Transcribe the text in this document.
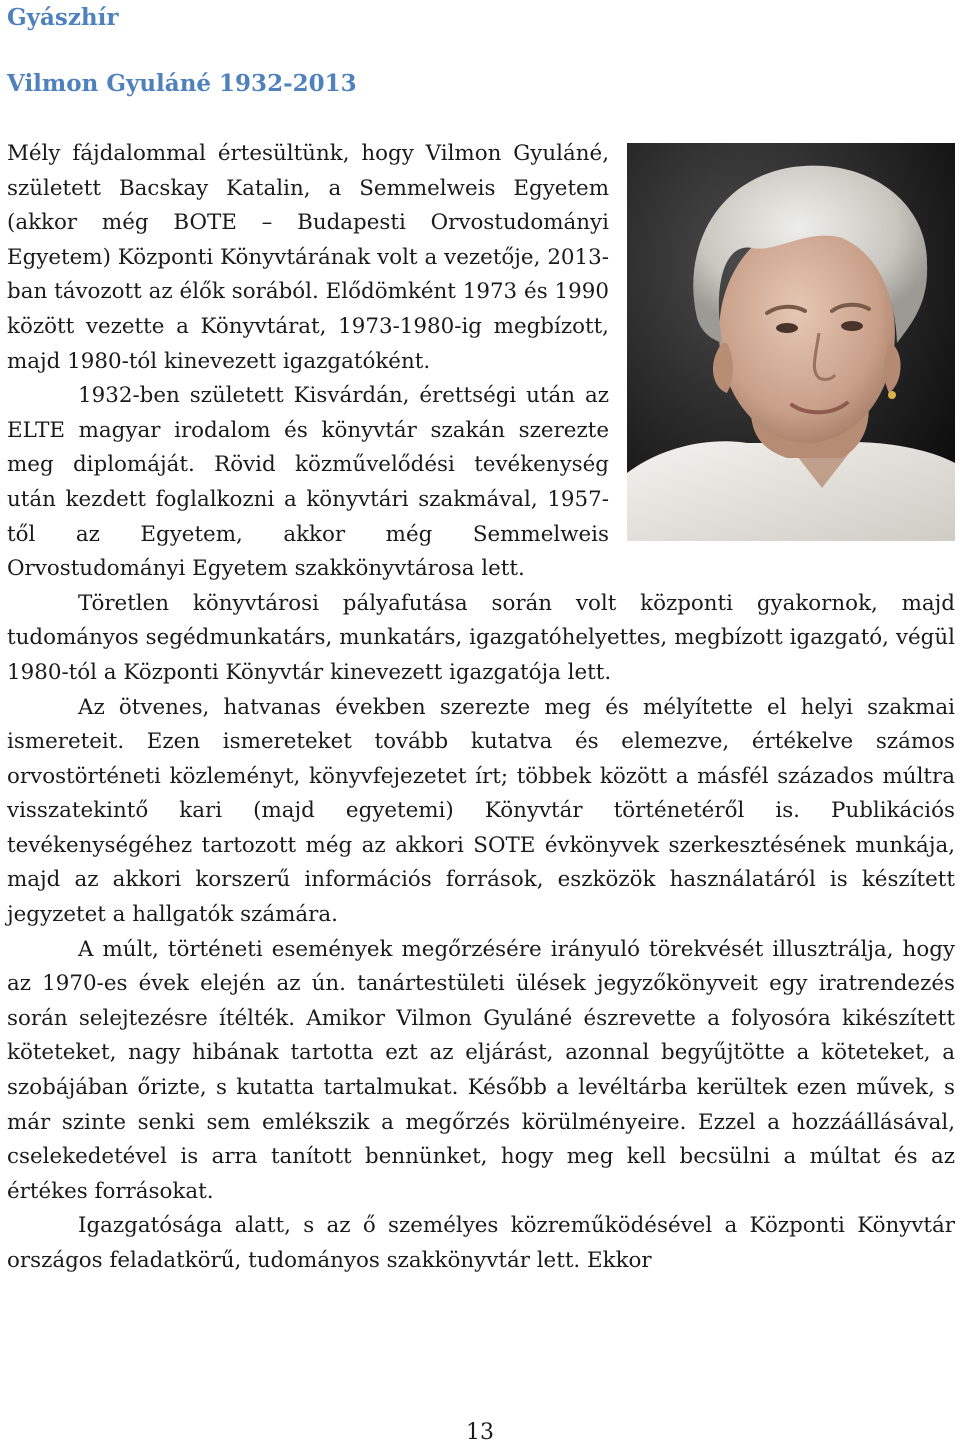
Gyászhír
Vilmon Gyuláné 1932-2013

Mély fájdalommal értesültünk, hogy Vilmon Gyuláné, született Bacskay Katalin, a Semmelweis Egyetem (akkor még BOTE – Budapesti Orvostudományi Egyetem) Központi Könyvtárának volt a vezetője, 2013-ban távozott az élők sorából. Elődömként 1973 és 1990 között vezette a Könyvtárat, 1973-1980-ig megbízott, majd 1980-tól kinevezett igazgatóként.

1932-ben született Kisvárdán, érettségi után az ELTE magyar irodalom és könyvtár szakán szerezte meg diplomáját. Rövid közművelődési tevékenység után kezdett foglalkozni a könyvtári szakmával, 1957-től az Egyetem, akkor még Semmelweis Orvostudományi Egyetem szakkönyvtárosa lett.

Töretlen könyvtárosi pályafutása során volt központi gyakornok, majd tudományos segédmunkatárs, munkatárs, igazgatóhelyettes, megbízott igazgató, végül 1980-tól a Központi Könyvtár kinevezett igazgatója lett.

Az ötvenes, hatvanas években szerezte meg és mélyítette el helyi szakmai ismereteit. Ezen ismereteket tovább kutatva és elemezve, értékelve számos orvostörténeti közleményt, könyvfejezetet írt; többek között a másfél százados múltra visszatekintő kari (majd egyetemi) Könyvtár történetéről is. Publikációs tevékenységéhez tartozott még az akkori SOTE évkönyvek szerkesztésének munkája, majd az akkori korszerű információs források, eszközök használatáról is készített jegyzetet a hallgatók számára.

A múlt, történeti események megőrzésére irányuló törekvését illusztrálja, hogy az 1970-es évek elején az ún. tanártestületi ülések jegyzőkönyveit egy iratrendezés során selejtezésre ítélték. Amikor Vilmon Gyuláné észrevette a folyosóra kikészített köteteket, nagy hibának tartotta ezt az eljárást, azonnal begyűjtötte a köteteket, a szobájában őrizte, s kutatta tartalmukat. Később a levéltárba kerültek ezen művek, s már szinte senki sem emlékszik a megőrzés körülményeire. Ezzel a hozzáállásával, cselekedetével is arra tanított bennünket, hogy meg kell becsülni a múltat és az értékes forrásokat.

Igazgatósága alatt, s az ő személyes közreműködésével a Központi Könyvtár országos feladatkörű, tudományos szakkönyvtár lett. Ekkor

13
